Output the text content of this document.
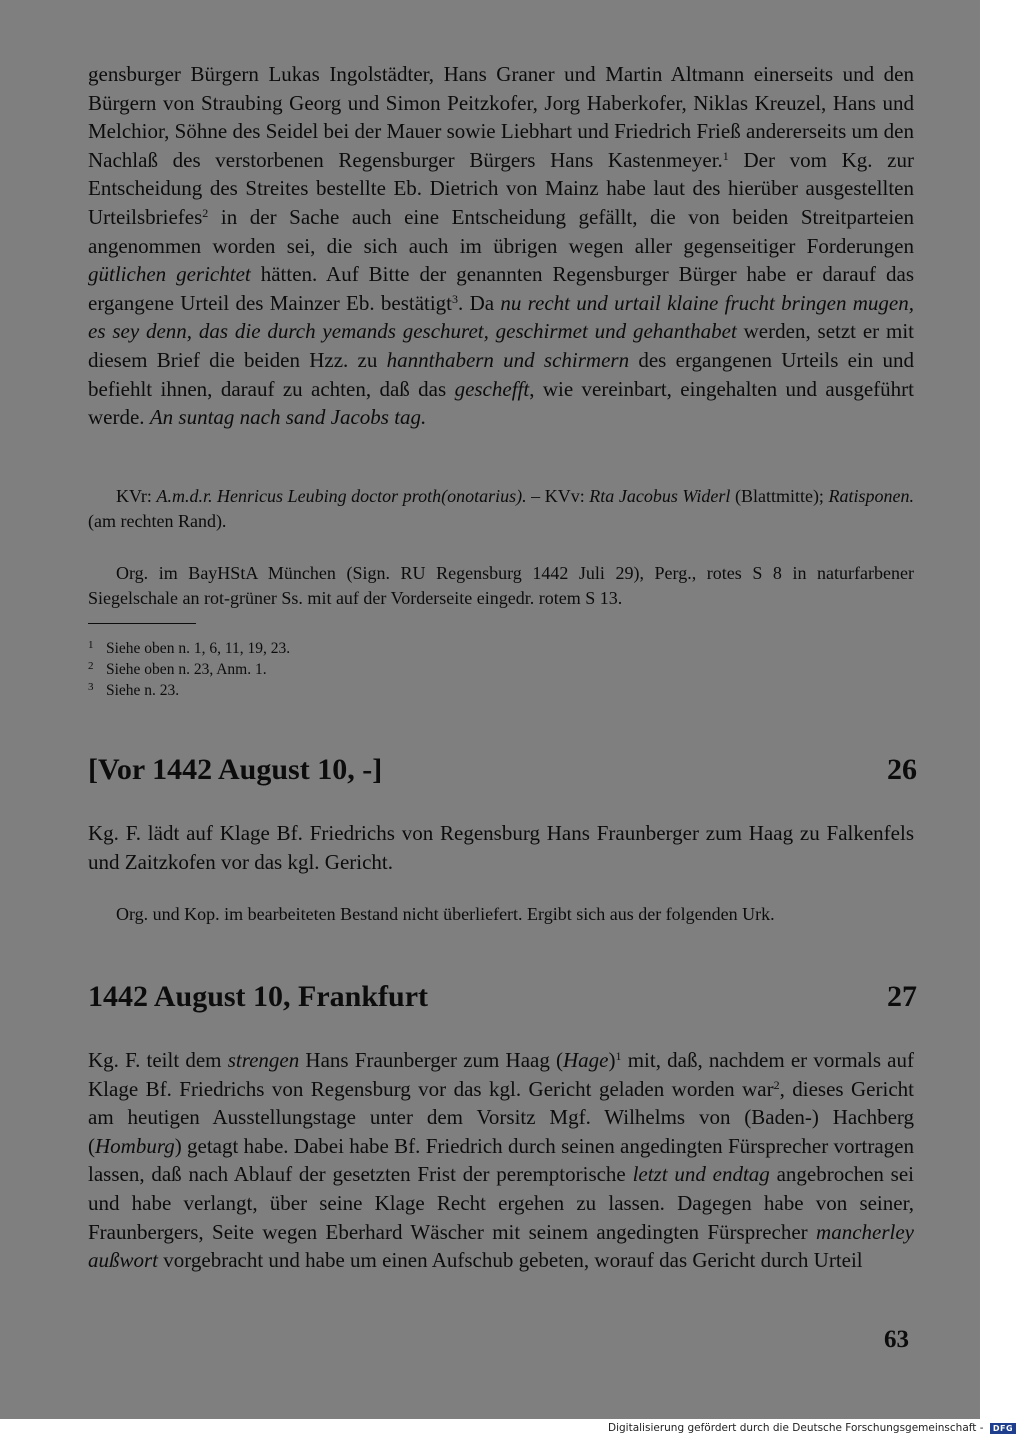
gensburger Bürgern Lukas Ingolstädter, Hans Graner und Martin Altmann einerseits und den Bürgern von Straubing Georg und Simon Peitzkofer, Jorg Haberkofer, Niklas Kreuzel, Hans und Melchior, Söhne des Seidel bei der Mauer sowie Liebhart und Friedrich Frieß andererseits um den Nachlaß des verstorbenen Regensburger Bürgers Hans Kastenmeyer.$^1$ Der vom Kg. zur Entscheidung des Streites bestellte Eb. Dietrich von Mainz habe laut des hierüber ausgestellten Urteilsbriefes$^2$ in der Sache auch eine Entscheidung gefällt, die von beiden Streitparteien angenommen worden sei, die sich auch im übrigen wegen aller gegenseitiger Forderungen gütlichen gerichtet hätten. Auf Bitte der genannten Regensburger Bürger habe er darauf das ergangene Urteil des Mainzer Eb. bestätigt$^3$. Da nu recht und urtail klaine frucht bringen mugen, es sey denn, das die durch yemands geschuret, geschirmet und gehanthabet werden, setzt er mit diesem Brief die beiden Hzz. zu hannthabern und schirmern des ergangenen Urteils ein und befiehlt ihnen, darauf zu achten, daß das geschefft, wie vereinbart, eingehalten und ausgeführt werde. An suntag nach sand Jacobs tag.
KVr: A.m.d.r. Henricus Leubing doctor proth(onotarius). – KVv: Rta Jacobus Widerl (Blattmitte); Ratisponen. (am rechten Rand).
Org. im BayHStA München (Sign. RU Regensburg 1442 Juli 29), Perg., rotes S 8 in naturfarbener Siegelschale an rot-grüner Ss. mit auf der Vorderseite eingedr. rotem S 13.
1 Siehe oben n. 1, 6, 11, 19, 23.
2 Siehe oben n. 23, Anm. 1.
3 Siehe n. 23.
[Vor 1442 August 10, -]	26
Kg. F. lädt auf Klage Bf. Friedrichs von Regensburg Hans Fraunberger zum Haag zu Falkenfels und Zaitzkofen vor das kgl. Gericht.
Org. und Kop. im bearbeiteten Bestand nicht überliefert. Ergibt sich aus der folgenden Urk.
1442 August 10, Frankfurt	27
Kg. F. teilt dem strengen Hans Fraunberger zum Haag (Hage)$^1$ mit, daß, nachdem er vormals auf Klage Bf. Friedrichs von Regensburg vor das kgl. Gericht geladen worden war$^2$, dieses Gericht am heutigen Ausstellungstage unter dem Vorsitz Mgf. Wilhelms von (Baden-) Hachberg (Homburg) getagt habe. Dabei habe Bf. Friedrich durch seinen angedingten Fürsprecher vortragen lassen, daß nach Ablauf der gesetzten Frist der peremptorische letzt und endtag angebrochen sei und habe verlangt, über seine Klage Recht ergehen zu lassen. Dagegen habe von seiner, Fraunbergers, Seite wegen Eberhard Wäscher mit seinem angedingten Fürsprecher mancherley außwort vorgebracht und habe um einen Aufschub gebeten, worauf das Gericht durch Urteil
63
Digitalisierung gefördert durch die Deutsche Forschungsgemeinschaft - DFG
